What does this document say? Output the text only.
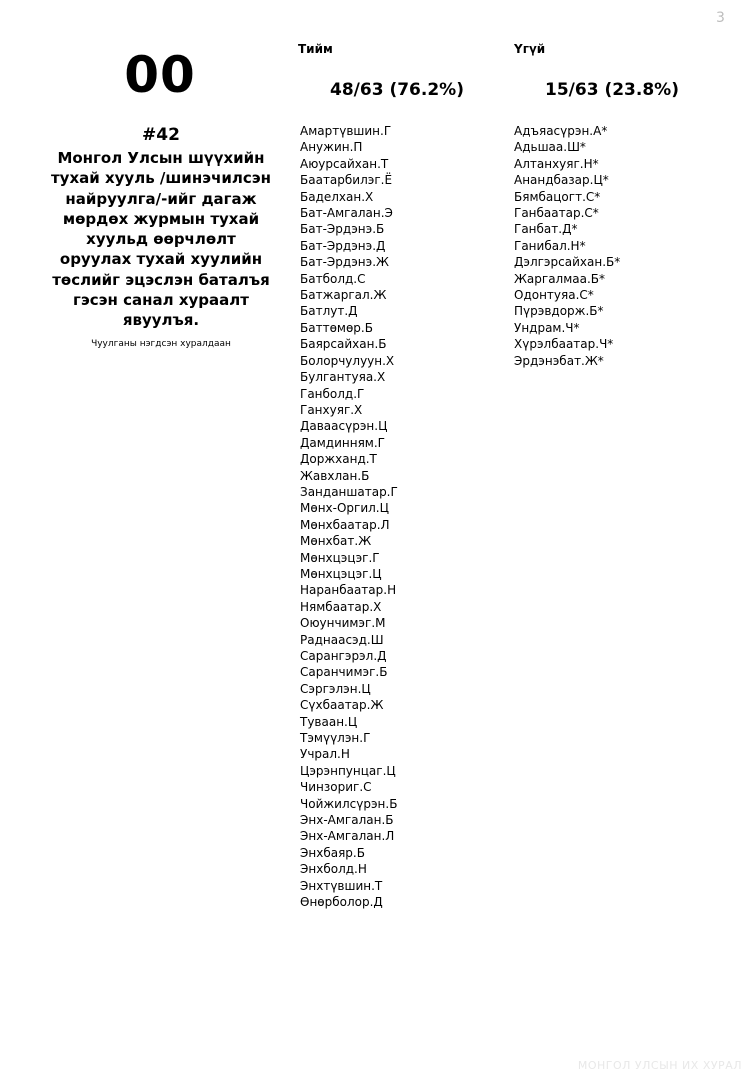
3
00
#42
Монгол Улсын шүүхийн тухай хууль /шинэчилсэн найруулга/-ийг дагаж мөрдөх журмын тухай хуульд өөрчлөлт оруулах тухай хуулийн төслийг эцэслэн баталъя гэсэн санал хураалт явуулъя.
Чуулганы нэгдсэн хуралдаан
Тийм
48/63 (76.2%)
Амартүвшин.Г
Анужин.П
Аюурсайхан.Т
Баатарбилэг.Ё
Баделхан.Х
Бат-Амгалан.Э
Бат-Эрдэнэ.Б
Бат-Эрдэнэ.Д
Бат-Эрдэнэ.Ж
Батболд.С
Батжаргал.Ж
Батлут.Д
Баттөмөр.Б
Баярсайхан.Б
Болорчулуун.Х
Булгантуяа.Х
Ганболд.Г
Ганхуяг.Х
Даваасүрэн.Ц
Дамдинням.Г
Доржханд.Т
Жавхлан.Б
Занданшатар.Г
Мөнх-Оргил.Ц
Мөнхбаатар.Л
Мөнхбат.Ж
Мөнхцэцэг.Г
Мөнхцэцэг.Ц
Наранбаатар.Н
Нямбаатар.Х
Оюунчимэг.М
Раднаасэд.Ш
Сарангэрэл.Д
Саранчимэг.Б
Сэргэлэн.Ц
Сүхбаатар.Ж
Туваан.Ц
Тэмүүлэн.Г
Учрал.Н
Цэрэнпунцаг.Ц
Чинзориг.С
Чойжилсүрэн.Б
Энх-Амгалан.Б
Энх-Амгалан.Л
Энхбаяр.Б
Энхболд.Н
Энхтүвшин.Т
Өнөрболор.Д
Үгүй
15/63 (23.8%)
Адъяасүрэн.А*
Адьшаа.Ш*
Алтанхуяг.Н*
Анандбазар.Ц*
Бямбацогт.С*
Ганбаатар.С*
Ганбат.Д*
Ганибал.Н*
Дэлгэрсайхан.Б*
Жаргалмаа.Б*
Одонтуяа.С*
Пүрэвдорж.Б*
Ундрам.Ч*
Хүрэлбаатар.Ч*
Эрдэнэбат.Ж*
МОНГОЛ УЛСЫН ИХ ХУРАЛ
